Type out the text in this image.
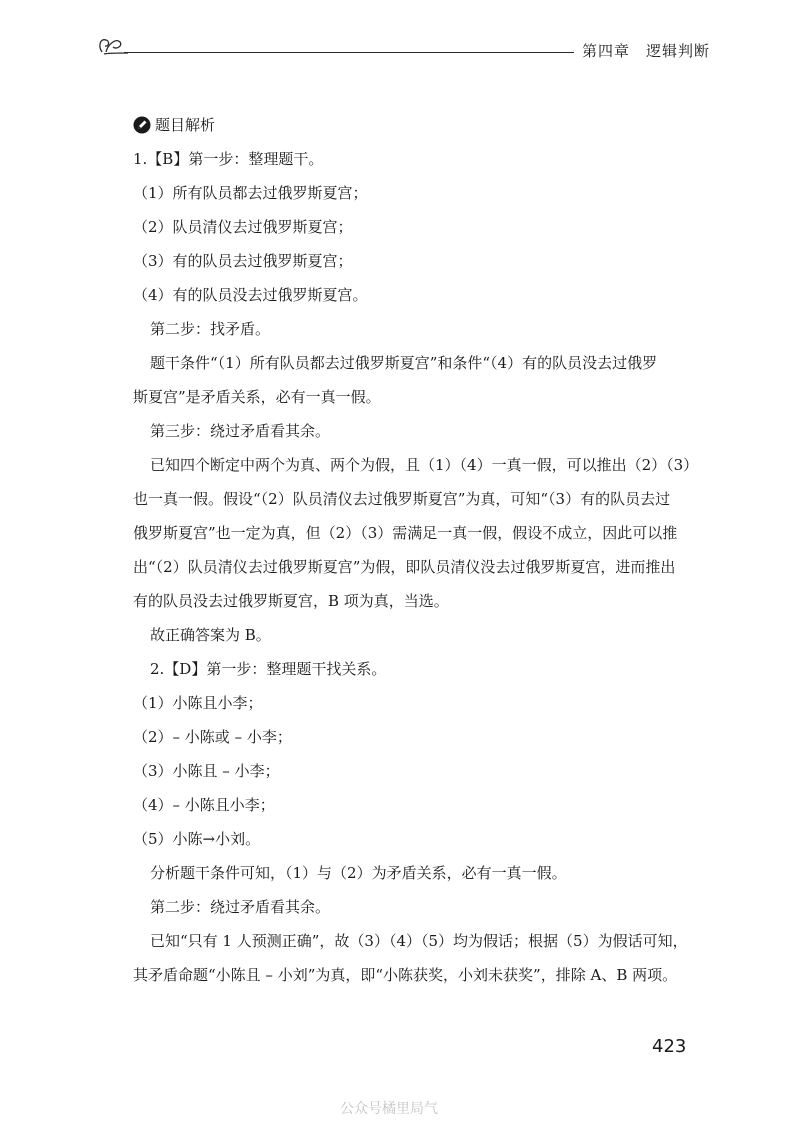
第四章 逻辑判断
题目解析

1.【B】第一步：整理题干。

（1）所有队员都去过俄罗斯夏宫；

（2）队员清仪去过俄罗斯夏宫；

（3）有的队员去过俄罗斯夏宫；

（4）有的队员没去过俄罗斯夏宫。

第二步：找矛盾。

题干条件“（1）所有队员都去过俄罗斯夏宫”和条件“（4）有的队员没去过俄罗

斯夏宫”是矛盾关系，必有一真一假。

第三步：绕过矛盾看其余。

已知四个断定中两个为真、两个为假，且（1）（4）一真一假，可以推出（2）（3）

也一真一假。假设“（2）队员清仪去过俄罗斯夏宫”为真，可知“（3）有的队员去过

俄罗斯夏宫”也一定为真，但（2）（3）需满足一真一假，假设不成立，因此可以推

出“（2）队员清仪去过俄罗斯夏宫”为假，即队员清仪没去过俄罗斯夏宫，进而推出

有的队员没去过俄罗斯夏宫，B 项为真，当选。

故正确答案为 B。

2.【D】第一步：整理题干找关系。

（1）小陈且小李；

（2）– 小陈或 – 小李；

（3）小陈且 – 小李；

（4）– 小陈且小李；

（5）小陈→小刘。

分析题干条件可知，（1）与（2）为矛盾关系，必有一真一假。

第二步：绕过矛盾看其余。

已知“只有 1 人预测正确”，故（3）（4）（5）均为假话；根据（5）为假话可知，

其矛盾命题“小陈且 – 小刘”为真，即“小陈获奖，小刘未获奖”，排除 A、B 两项。

423
公众号橘里局气
